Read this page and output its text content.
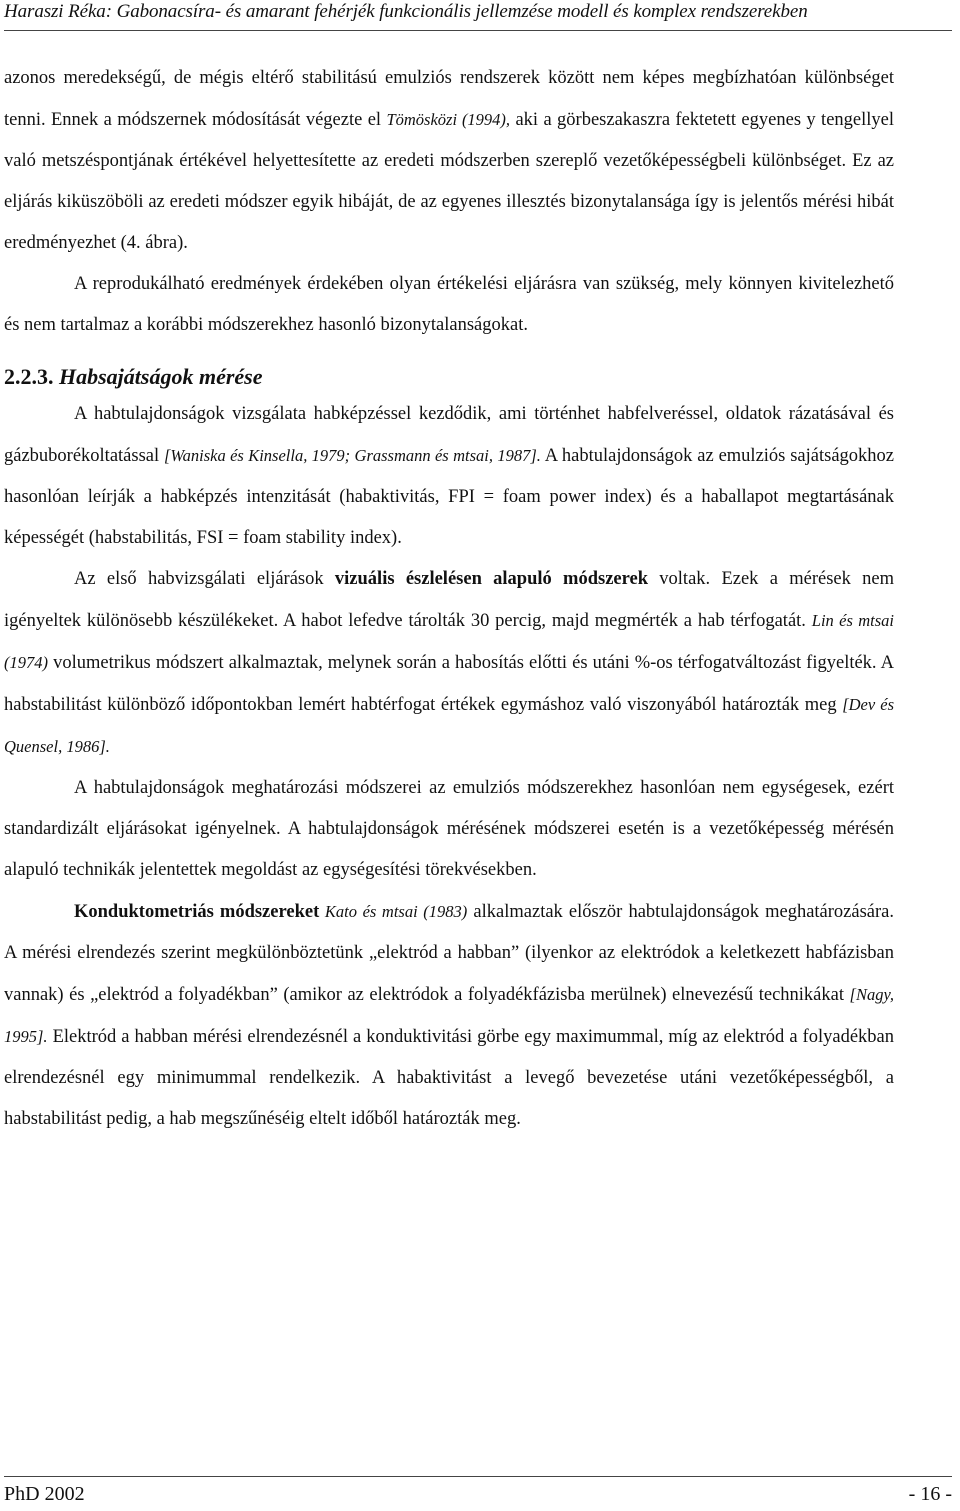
Haraszi Réka: Gabonacsíra- és amarant fehérjék funkcionális jellemzése modell és komplex rendszerekben

azonos meredekségű, de mégis eltérő stabilitású emulziós rendszerek között nem képes megbízhatóan különbséget tenni. Ennek a módszernek módosítását végezte el Tömösközi (1994), aki a görbeszakaszra fektetett egyenes y tengellyel való metszéspontjának értékével helyettesítette az eredeti módszerben szereplő vezetőképességbeli különbséget. Ez az eljárás kiküszöböli az eredeti módszer egyik hibáját, de az egyenes illesztés bizonytalansága így is jelentős mérési hibát eredményezhet (4. ábra).

A reprodukálható eredmények érdekében olyan értékelési eljárásra van szükség, mely könnyen kivitelezhető és nem tartalmaz a korábbi módszerekhez hasonló bizonytalanságokat.

2.2.3. Habsajátságok mérése

A habtulajdonságok vizsgálata habképzéssel kezdődik, ami történhet habfelveréssel, oldatok rázatásával és gázbuborékoltatással [Waniska és Kinsella, 1979; Grassmann és mtsai, 1987]. A habtulajdonságok az emulziós sajátságokhoz hasonlóan leírják a habképzés intenzitását (habaktivitás, FPI = foam power index) és a haballapot megtartásának képességét (habstabilitás, FSI = foam stability index).

Az első habvizsgálati eljárások vizuális észlelésen alapuló módszerek voltak. Ezek a mérések nem igényeltek különösebb készülékeket. A habot lefedve tárolták 30 percig, majd megmérték a hab térfogatát. Lin és mtsai (1974) volumetrikus módszert alkalmaztak, melynek során a habosítás előtti és utáni %-os térfogatváltozást figyelték. A habstabilitást különböző időpontokban lemért habtérfogat értékek egymáshoz való viszonyából határozták meg [Dev és Quensel, 1986].

A habtulajdonságok meghatározási módszerei az emulziós módszerekhez hasonlóan nem egységesek, ezért standardizált eljárásokat igényelnek. A habtulajdonságok mérésének módszerei esetén is a vezetőképesség mérésén alapuló technikák jelentettek megoldást az egységesítési törekvésekben.

Konduktometriás módszereket Kato és mtsai (1983) alkalmaztak először habtulajdonságok meghatározására. A mérési elrendezés szerint megkülönböztetünk „elektród a habban” (ilyenkor az elektródok a keletkezett habfázisban vannak) és „elektród a folyadékban” (amikor az elektródok a folyadékfázisba merülnek) elnevezésű technikákat [Nagy, 1995]. Elektród a habban mérési elrendezésnél a konduktivitási görbe egy maximummal, míg az elektród a folyadékban elrendezésnél egy minimummal rendelkezik. A habaktivitást a levegő bevezetése utáni vezetőképességből, a habstabilitást pedig, a hab megszűnéséig eltelt időből határozták meg.

PhD 2002	- 16 -
